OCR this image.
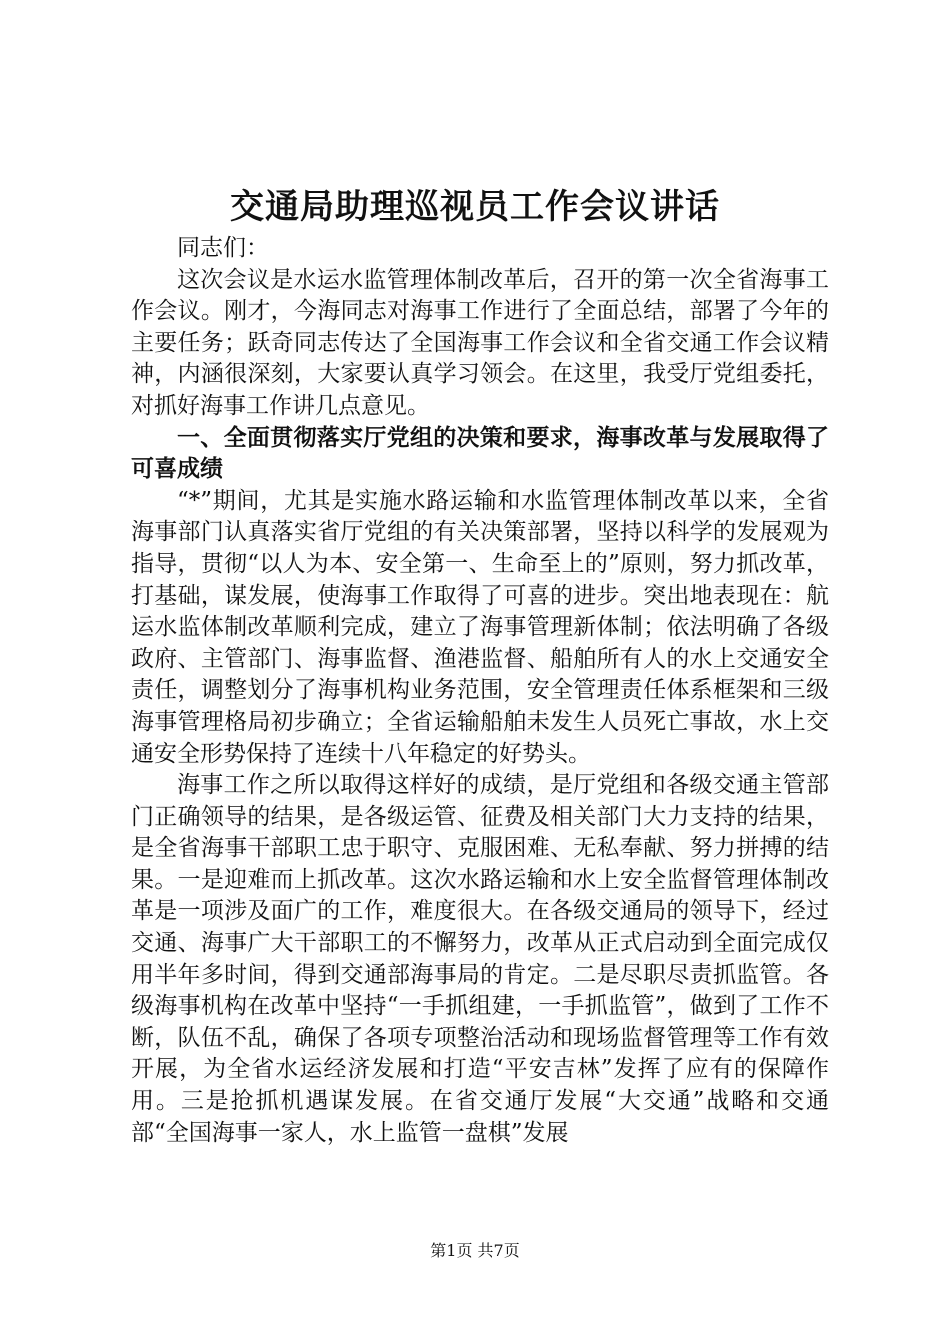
交通局助理巡视员工作会议讲话

同志们：

这次会议是水运水监管理体制改革后，召开的第一次全省海事工作会议。刚才，今海同志对海事工作进行了全面总结，部署了今年的主要任务；跃奇同志传达了全国海事工作会议和全省交通工作会议精神，内涵很深刻，大家要认真学习领会。在这里，我受厅党组委托，对抓好海事工作讲几点意见。

一、全面贯彻落实厅党组的决策和要求，海事改革与发展取得了可喜成绩

“*”期间，尤其是实施水路运输和水监管理体制改革以来，全省海事部门认真落实省厅党组的有关决策部署，坚持以科学的发展观为指导，贯彻“以人为本、安全第一、生命至上的”原则，努力抓改革，打基础，谋发展，使海事工作取得了可喜的进步。突出地表现在：航运水监体制改革顺利完成，建立了海事管理新体制；依法明确了各级政府、主管部门、海事监督、渔港监督、船舶所有人的水上交通安全责任，调整划分了海事机构业务范围，安全管理责任体系框架和三级海事管理格局初步确立；全省运输船舶未发生人员死亡事故，水上交通安全形势保持了连续十八年稳定的好势头。

海事工作之所以取得这样好的成绩，是厅党组和各级交通主管部门正确领导的结果，是各级运管、征费及相关部门大力支持的结果，是全省海事干部职工忠于职守、克服困难、无私奉献、努力拼搏的结果。一是迎难而上抓改革。这次水路运输和水上安全监督管理体制改革是一项涉及面广的工作，难度很大。在各级交通局的领导下，经过交通、海事广大干部职工的不懈努力，改革从正式启动到全面完成仅用半年多时间，得到交通部海事局的肯定。二是尽职尽责抓监管。各级海事机构在改革中坚持“一手抓组建，一手抓监管”，做到了工作不断，队伍不乱，确保了各项专项整治活动和现场监督管理等工作有效开展，为全省水运经济发展和打造“平安吉林”发挥了应有的保障作用。三是抢抓机遇谋发展。在省交通厅发展“大交通”战略和交通部“全国海事一家人，水上监管一盘棋”发展

第1页 共7页
